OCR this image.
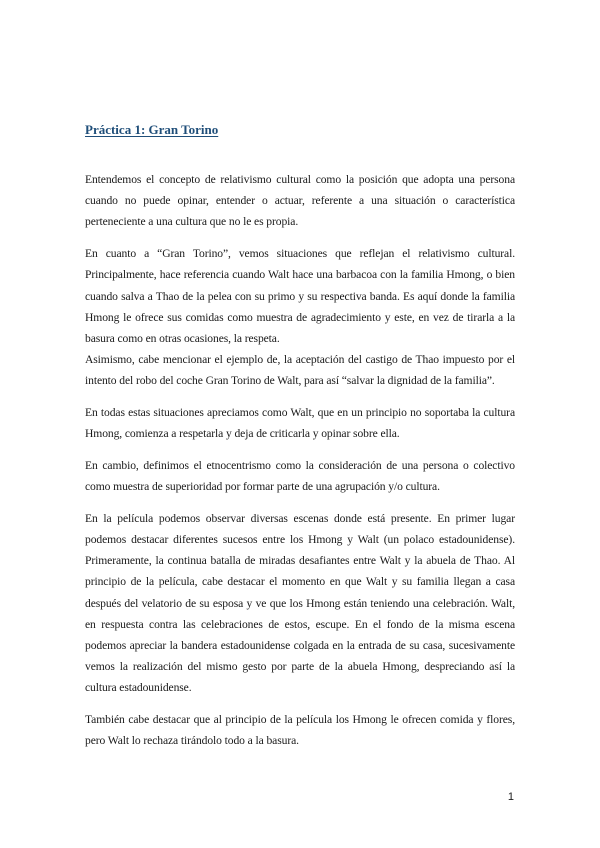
Práctica 1: Gran Torino

Entendemos el concepto de relativismo cultural como la posición que adopta una persona cuando no puede opinar, entender o actuar, referente a una situación o característica perteneciente a una cultura que no le es propia.

En cuanto a “Gran Torino”, vemos situaciones que reflejan el relativismo cultural. Principalmente, hace referencia cuando Walt hace una barbacoa con la familia Hmong, o bien cuando salva a Thao de la pelea con su primo y su respectiva banda. Es aquí donde la familia Hmong le ofrece sus comidas como muestra de agradecimiento y este, en vez de tirarla a la basura como en otras ocasiones, la respeta.

Asimismo, cabe mencionar el ejemplo de, la aceptación del castigo de Thao impuesto por el intento del robo del coche Gran Torino de Walt, para así “salvar la dignidad de la familia”.

En todas estas situaciones apreciamos como Walt, que en un principio no soportaba la cultura Hmong, comienza a respetarla y deja de criticarla y opinar sobre ella.

En cambio, definimos el etnocentrismo como la consideración de una persona o colectivo como muestra de superioridad por formar parte de una agrupación y/o cultura.

En la película podemos observar diversas escenas donde está presente. En primer lugar podemos destacar diferentes sucesos entre los Hmong y Walt (un polaco estadounidense). Primeramente, la continua batalla de miradas desafiantes entre Walt y la abuela de Thao. Al principio de la película, cabe destacar el momento en que Walt y su familia llegan a casa después del velatorio de su esposa y ve que los Hmong están teniendo una celebración. Walt, en respuesta contra las celebraciones de estos, escupe. En el fondo de la misma escena podemos apreciar la bandera estadounidense colgada en la entrada de su casa, sucesivamente vemos la realización del mismo gesto por parte de la abuela Hmong, despreciando así la cultura estadounidense.

También cabe destacar que al principio de la película los Hmong le ofrecen comida y flores, pero Walt lo rechaza tirándolo todo a la basura.

1
